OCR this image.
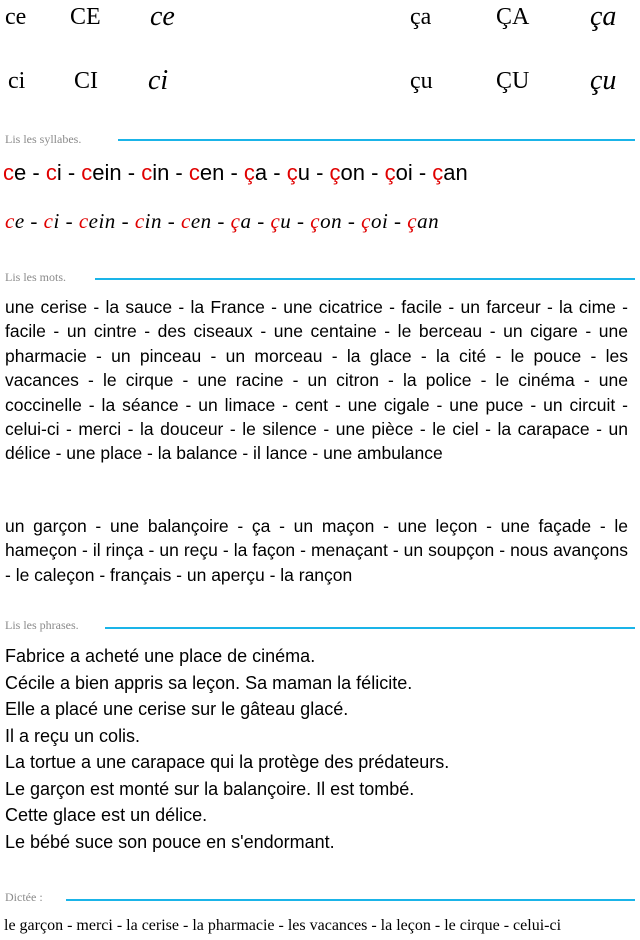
ce CE ce
ci CI ci
ça	ÇA ça
çu	ÇU çu
Lis les syllabes.
c e - c i - c ein - c in - c en - ç a - ç u - ç on - ç oi - ç an
c e - c i - c ein - c in - c en - ç a - ç u - ç on - ç oi - ç an
Lis les mots.
une cerise - la sauce - la France - une cicatrice - facile - un farceur - la cime - facile - un cintre - des ciseaux - une centaine - le berceau - un cigare - une pharmacie - un pinceau - un morceau - la glace - la cité - le pouce - les vacances - le cirque - une racine - un citron - la police - le cinéma - une coccinelle - la séance - un limace - cent - une cigale - une puce - un circuit - celui-ci - merci - la douceur - le silence - une pièce - le ciel - la carapace - un délice - une place - la balance - il lance - une ambulance
un garçon - une balançoire - ça - un maçon - une leçon - une façade - le hameçon - il rinça - un reçu - la façon - menaçant - un soupçon - nous avançons - le caleçon - français - un aperçu - la rançon
Lis les phrases.
Fabrice a acheté une place de cinéma.
Cécile a bien appris sa leçon. Sa maman la félicite.
Elle a placé une cerise sur le gâteau glacé.
Il a reçu un colis.
La tortue a une carapace qui la protège des prédateurs.
Le garçon est monté sur la balançoire. Il est tombé.
Cette glace est un délice.
Le bébé suce son pouce en s'endormant.
Dictée :
le garçon - merci - la cerise - la pharmacie - les vacances - la leçon - le cirque - celui-ci
